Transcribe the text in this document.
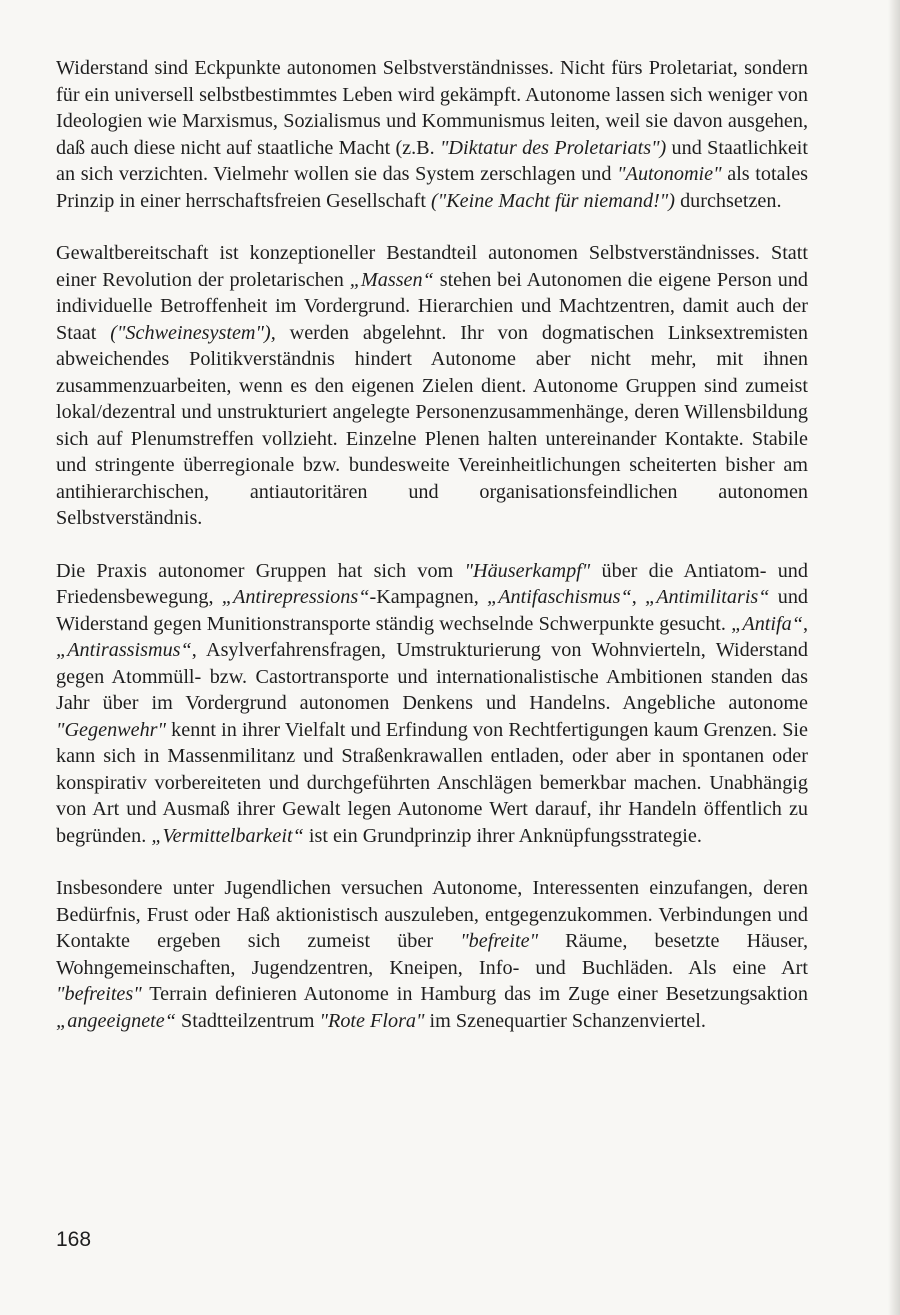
Widerstand sind Eckpunkte autonomen Selbstverständnisses. Nicht fürs Proletariat, sondern für ein universell selbstbestimmtes Leben wird gekämpft. Autonome lassen sich weniger von Ideologien wie Marxismus, Sozialismus und Kommunismus leiten, weil sie davon ausgehen, daß auch diese nicht auf staatliche Macht (z.B. "Diktatur des Proletariats") und Staatlichkeit an sich verzichten. Vielmehr wollen sie das System zerschlagen und "Autonomie" als totales Prinzip in einer herrschaftsfreien Gesellschaft ("Keine Macht für niemand!") durchsetzen.

Gewaltbereitschaft ist konzeptioneller Bestandteil autonomen Selbstverständnisses. Statt einer Revolution der proletarischen „Massen“ stehen bei Autonomen die eigene Person und individuelle Betroffenheit im Vordergrund. Hierarchien und Machtzentren, damit auch der Staat ("Schweinesystem"), werden abgelehnt. Ihr von dogmatischen Linksextremisten abweichendes Politikverständnis hindert Autonome aber nicht mehr, mit ihnen zusammenzuarbeiten, wenn es den eigenen Zielen dient. Autonome Gruppen sind zumeist lokal/dezentral und unstrukturiert angelegte Personenzusammenhänge, deren Willensbildung sich auf Plenumstreffen vollzieht. Einzelne Plenen halten untereinander Kontakte. Stabile und stringente überregionale bzw. bundesweite Vereinheitlichungen scheiterten bisher am antihierarchischen, antiautoritären und organisationsfeindlichen autonomen Selbstverständnis.

Die Praxis autonomer Gruppen hat sich vom "Häuserkampf" über die Antiatom- und Friedensbewegung, „Antirepressions“-Kampagnen, „Antifaschismus“, „Antimilitaris“ und Widerstand gegen Munitionstransporte ständig wechselnde Schwerpunkte gesucht. „Antifa“, „Antirassismus“, Asylverfahrensfragen, Umstrukturierung von Wohnvierteln, Widerstand gegen Atommüll- bzw. Castortransporte und internationalistische Ambitionen standen das Jahr über im Vordergrund autonomen Denkens und Handelns. Angebliche autonome "Gegenwehr" kennt in ihrer Vielfalt und Erfindung von Rechtfertigungen kaum Grenzen. Sie kann sich in Massenmilitanz und Straßenkrawallen entladen, oder aber in spontanen oder konspirativ vorbereiteten und durchgeführten Anschlägen bemerkbar machen. Unabhängig von Art und Ausmaß ihrer Gewalt legen Autonome Wert darauf, ihr Handeln öffentlich zu begründen. „Vermittelbarkeit“ ist ein Grundprinzip ihrer Anknüpfungsstrategie.

Insbesondere unter Jugendlichen versuchen Autonome, Interessenten einzufangen, deren Bedürfnis, Frust oder Haß aktionistisch auszuleben, entgegenzukommen. Verbindungen und Kontakte ergeben sich zumeist über "befreite" Räume, besetzte Häuser, Wohngemeinschaften, Jugendzentren, Kneipen, Info- und Buchläden. Als eine Art "befreites" Terrain definieren Autonome in Hamburg das im Zuge einer Besetzungsaktion „angeeignete“ Stadtteilzentrum "Rote Flora" im Szenequartier Schanzenviertel.

168
